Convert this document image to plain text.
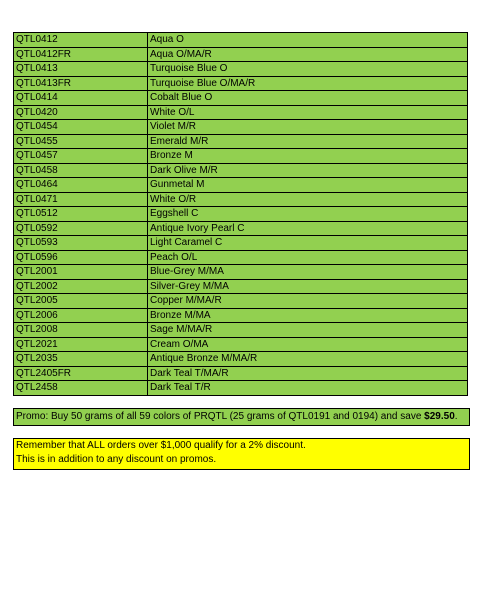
QTL0412	Aqua O
QTL0412FR	Aqua O/MA/R
QTL0413	Turquoise Blue O
QTL0413FR	Turquoise Blue O/MA/R
QTL0414	Cobalt Blue O
QTL0420	White O/L
QTL0454	Violet M/R
QTL0455	Emerald M/R
QTL0457	Bronze M
QTL0458	Dark Olive M/R
QTL0464	Gunmetal M
QTL0471	White O/R
QTL0512	Eggshell C
QTL0592	Antique Ivory Pearl C
QTL0593	Light Caramel C
QTL0596	Peach O/L
QTL2001	Blue-Grey M/MA
QTL2002	Silver-Grey M/MA
QTL2005	Copper M/MA/R
QTL2006	Bronze M/MA
QTL2008	Sage M/MA/R
QTL2021	Cream O/MA
QTL2035	Antique Bronze M/MA/R
QTL2405FR	Dark Teal T/MA/R
QTL2458	Dark Teal T/R
Promo: Buy 50 grams of all 59 colors of PRQTL (25 grams of QTL0191 and 0194) and save $29.50.
Remember that ALL orders over $1,000 qualify for a 2% discount.
This is in addition to any discount on promos.
